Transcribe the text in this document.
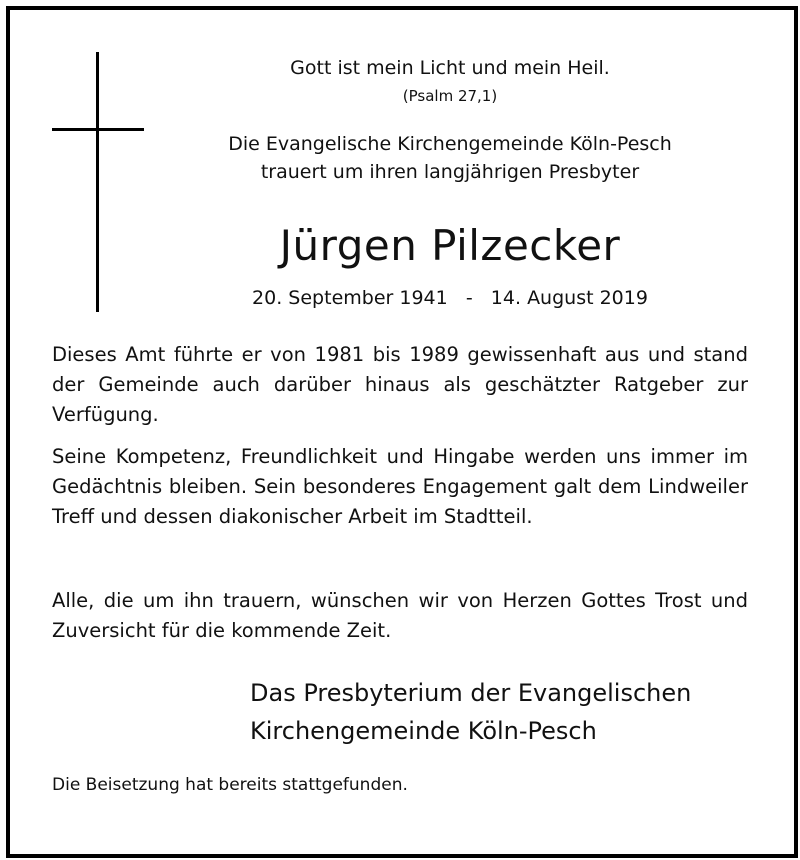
Gott ist mein Licht und mein Heil.
(Psalm 27,1)
Die Evangelische Kirchengemeinde Köln-Pesch
trauert um ihren langjährigen Presbyter
Jürgen Pilzecker
20. September 1941   -   14. August 2019
Dieses Amt führte er von 1981 bis 1989 gewissenhaft aus und stand der Gemeinde auch darüber hinaus als geschätzter Ratgeber zur Verfügung.
Seine Kompetenz, Freundlichkeit und Hingabe werden uns immer im Gedächtnis bleiben. Sein besonderes Engagement galt dem Lindweiler Treff und dessen diakonischer Arbeit im Stadtteil.
Alle, die um ihn trauern, wünschen wir von Herzen Gottes Trost und Zuversicht für die kommende Zeit.
Das Presbyterium der Evangelischen
Kirchengemeinde Köln-Pesch
Die Beisetzung hat bereits stattgefunden.
